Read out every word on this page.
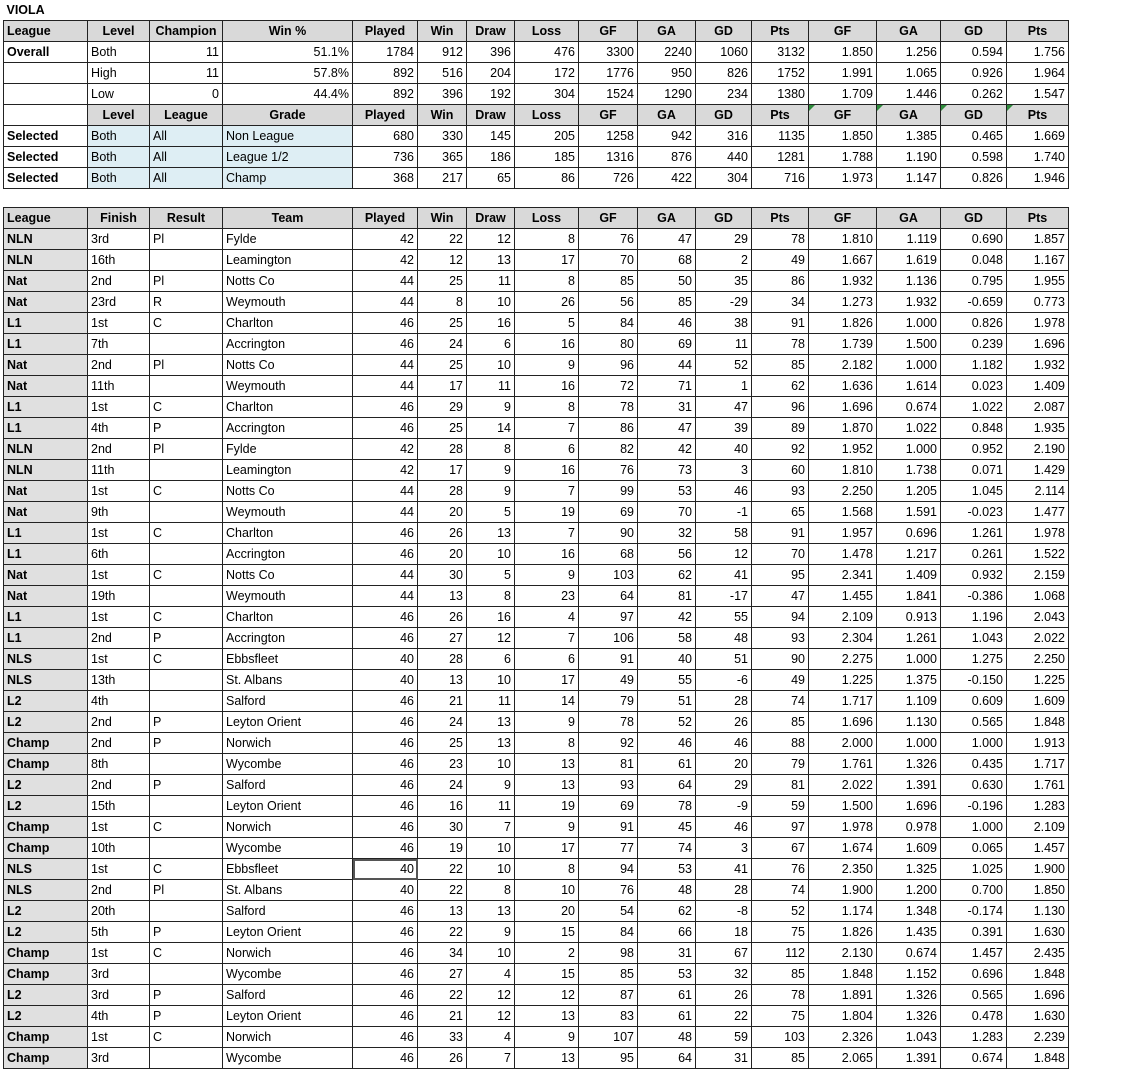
VIOLA															
League	Level	Champion	Win %	Played	Win	Draw	Loss	GF	GA	GD	Pts	GF	GA	GD	Pts
Overall	Both	11	51.1%	1784	912	396	476	3300	2240	1060	3132	1.850	1.256	0.594	1.756
	High	11	57.8%	892	516	204	172	1776	950	826	1752	1.991	1.065	0.926	1.964
	Low	0	44.4%	892	396	192	304	1524	1290	234	1380	1.709	1.446	0.262	1.547
	Level	League	Grade	Played	Win	Draw	Loss	GF	GA	GD	Pts	GF	GA	GD	Pts
Selected	Both	All	Non League	680	330	145	205	1258	942	316	1135	1.850	1.385	0.465	1.669
Selected	Both	All	League 1/2	736	365	186	185	1316	876	440	1281	1.788	1.190	0.598	1.740
Selected	Both	All	Champ	368	217	65	86	726	422	304	716	1.973	1.147	0.826	1.946

League	Finish	Result	Team	Played	Win	Draw	Loss	GF	GA	GD	Pts	GF	GA	GD	Pts
NLN	3rd	Pl	Fylde	42	22	12	8	76	47	29	78	1.810	1.119	0.690	1.857
NLN	16th		Leamington	42	12	13	17	70	68	2	49	1.667	1.619	0.048	1.167
Nat	2nd	Pl	Notts Co	44	25	11	8	85	50	35	86	1.932	1.136	0.795	1.955
Nat	23rd	R	Weymouth	44	8	10	26	56	85	-29	34	1.273	1.932	-0.659	0.773
L1	1st	C	Charlton	46	25	16	5	84	46	38	91	1.826	1.000	0.826	1.978
L1	7th		Accrington	46	24	6	16	80	69	11	78	1.739	1.500	0.239	1.696
Nat	2nd	Pl	Notts Co	44	25	10	9	96	44	52	85	2.182	1.000	1.182	1.932
Nat	11th		Weymouth	44	17	11	16	72	71	1	62	1.636	1.614	0.023	1.409
L1	1st	C	Charlton	46	29	9	8	78	31	47	96	1.696	0.674	1.022	2.087
L1	4th	P	Accrington	46	25	14	7	86	47	39	89	1.870	1.022	0.848	1.935
NLN	2nd	Pl	Fylde	42	28	8	6	82	42	40	92	1.952	1.000	0.952	2.190
NLN	11th		Leamington	42	17	9	16	76	73	3	60	1.810	1.738	0.071	1.429
Nat	1st	C	Notts Co	44	28	9	7	99	53	46	93	2.250	1.205	1.045	2.114
Nat	9th		Weymouth	44	20	5	19	69	70	-1	65	1.568	1.591	-0.023	1.477
L1	1st	C	Charlton	46	26	13	7	90	32	58	91	1.957	0.696	1.261	1.978
L1	6th		Accrington	46	20	10	16	68	56	12	70	1.478	1.217	0.261	1.522
Nat	1st	C	Notts Co	44	30	5	9	103	62	41	95	2.341	1.409	0.932	2.159
Nat	19th		Weymouth	44	13	8	23	64	81	-17	47	1.455	1.841	-0.386	1.068
L1	1st	C	Charlton	46	26	16	4	97	42	55	94	2.109	0.913	1.196	2.043
L1	2nd	P	Accrington	46	27	12	7	106	58	48	93	2.304	1.261	1.043	2.022
NLS	1st	C	Ebbsfleet	40	28	6	6	91	40	51	90	2.275	1.000	1.275	2.250
NLS	13th		St. Albans	40	13	10	17	49	55	-6	49	1.225	1.375	-0.150	1.225
L2	4th		Salford	46	21	11	14	79	51	28	74	1.717	1.109	0.609	1.609
L2	2nd	P	Leyton Orient	46	24	13	9	78	52	26	85	1.696	1.130	0.565	1.848
Champ	2nd	P	Norwich	46	25	13	8	92	46	46	88	2.000	1.000	1.000	1.913
Champ	8th		Wycombe	46	23	10	13	81	61	20	79	1.761	1.326	0.435	1.717
L2	2nd	P	Salford	46	24	9	13	93	64	29	81	2.022	1.391	0.630	1.761
L2	15th		Leyton Orient	46	16	11	19	69	78	-9	59	1.500	1.696	-0.196	1.283
Champ	1st	C	Norwich	46	30	7	9	91	45	46	97	1.978	0.978	1.000	2.109
Champ	10th		Wycombe	46	19	10	17	77	74	3	67	1.674	1.609	0.065	1.457
NLS	1st	C	Ebbsfleet	40	22	10	8	94	53	41	76	2.350	1.325	1.025	1.900
NLS	2nd	Pl	St. Albans	40	22	8	10	76	48	28	74	1.900	1.200	0.700	1.850
L2	20th		Salford	46	13	13	20	54	62	-8	52	1.174	1.348	-0.174	1.130
L2	5th	P	Leyton Orient	46	22	9	15	84	66	18	75	1.826	1.435	0.391	1.630
Champ	1st	C	Norwich	46	34	10	2	98	31	67	112	2.130	0.674	1.457	2.435
Champ	3rd		Wycombe	46	27	4	15	85	53	32	85	1.848	1.152	0.696	1.848
L2	3rd	P	Salford	46	22	12	12	87	61	26	78	1.891	1.326	0.565	1.696
L2	4th	P	Leyton Orient	46	21	12	13	83	61	22	75	1.804	1.326	0.478	1.630
Champ	1st	C	Norwich	46	33	4	9	107	48	59	103	2.326	1.043	1.283	2.239
Champ	3rd		Wycombe	46	26	7	13	95	64	31	85	2.065	1.391	0.674	1.848
